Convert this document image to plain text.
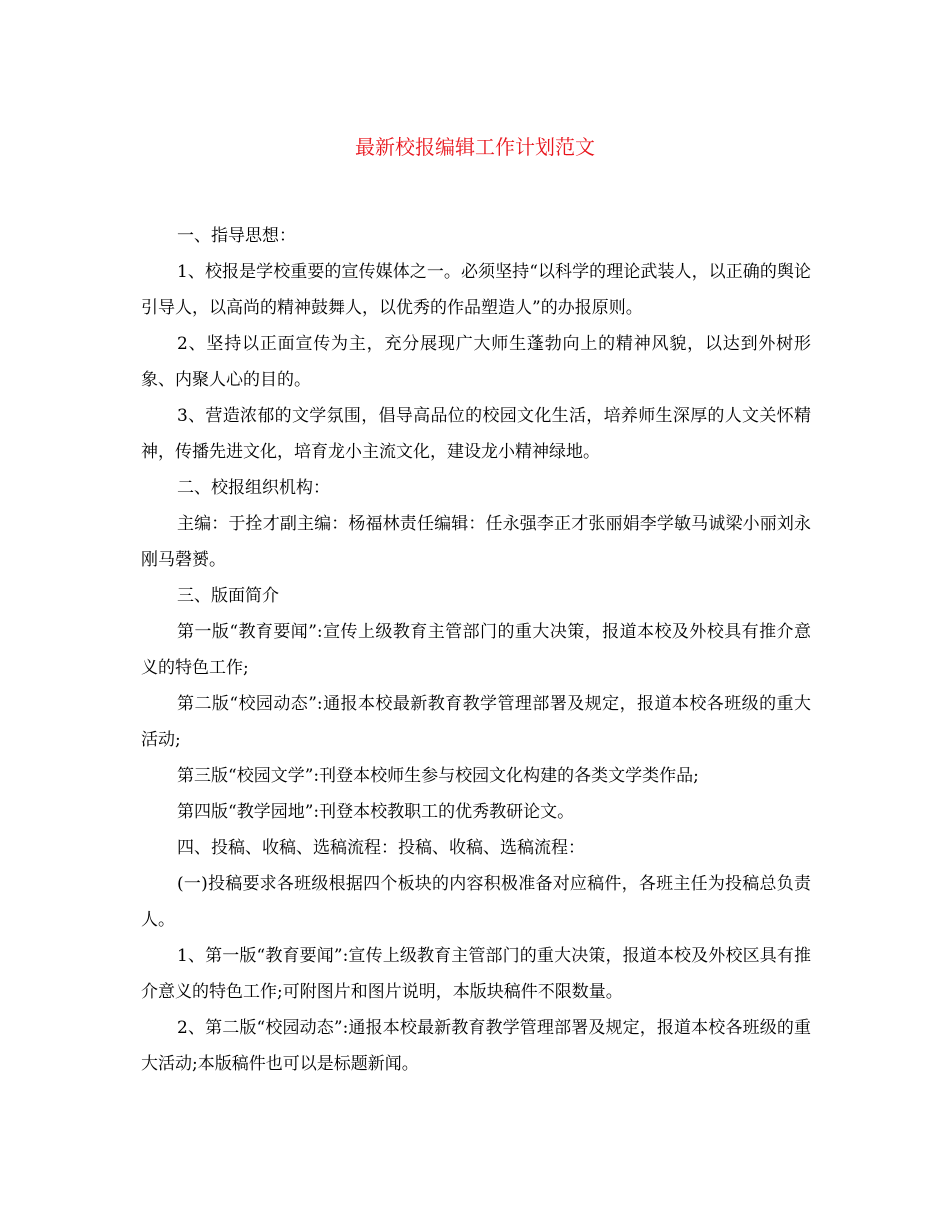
最新校报编辑工作计划范文

一、指导思想：

1、校报是学校重要的宣传媒体之一。必须坚持“以科学的理论武装人，以正确的舆论引导人，以高尚的精神鼓舞人，以优秀的作品塑造人”的办报原则。

2、坚持以正面宣传为主，充分展现广大师生蓬勃向上的精神风貌，以达到外树形象、内聚人心的目的。

3、营造浓郁的文学氛围，倡导高品位的校园文化生活，培养师生深厚的人文关怀精神，传播先进文化，培育龙小主流文化，建设龙小精神绿地。

二、校报组织机构：

主编：于拴才副主编：杨福林责任编辑：任永强李正才张丽娟李学敏马诚梁小丽刘永刚马磬赟。

三、版面简介

第一版“教育要闻”:宣传上级教育主管部门的重大决策，报道本校及外校具有推介意义的特色工作;

第二版“校园动态”:通报本校最新教育教学管理部署及规定，报道本校各班级的重大活动;

第三版“校园文学”:刊登本校师生参与校园文化构建的各类文学类作品;

第四版“教学园地”:刊登本校教职工的优秀教研论文。

四、投稿、收稿、选稿流程：投稿、收稿、选稿流程：

(一)投稿要求各班级根据四个板块的内容积极准备对应稿件，各班主任为投稿总负责人。

1、第一版“教育要闻”:宣传上级教育主管部门的重大决策，报道本校及外校区具有推介意义的特色工作;可附图片和图片说明，本版块稿件不限数量。

2、第二版“校园动态”:通报本校最新教育教学管理部署及规定，报道本校各班级的重大活动;本版稿件也可以是标题新闻。
